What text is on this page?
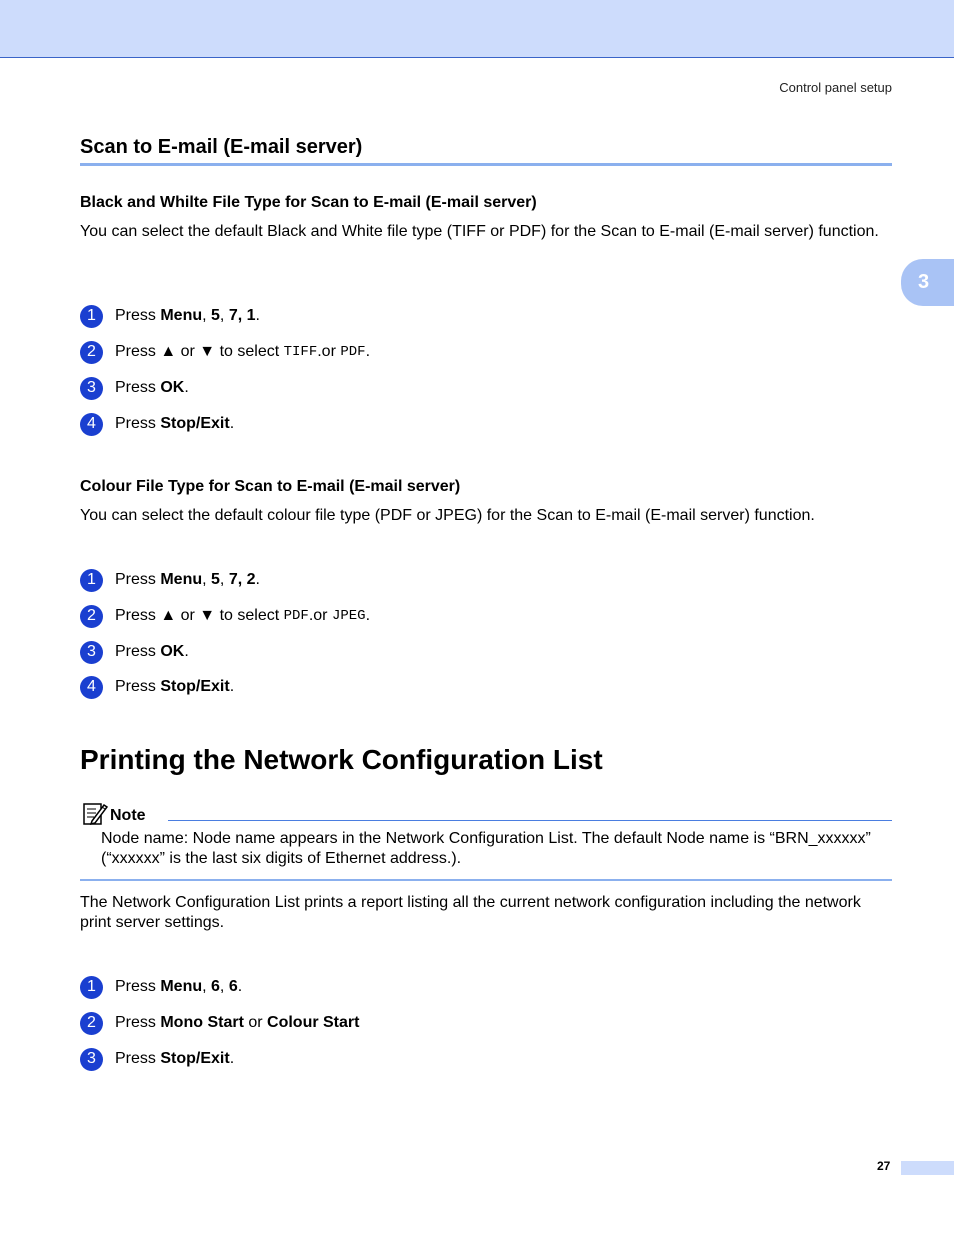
Control panel setup
3
Scan to E-mail (E-mail server)
Black and Whilte File Type for Scan to E-mail (E-mail server)
You can select the default Black and White file type (TIFF or PDF) for the Scan to E-mail (E-mail server) function.
1	Press Menu , 5 , 7, 1 .
2	Press ▲ or ▼ to select TIFF .or PDF .
3	Press OK .
4	Press Stop/Exit .
Colour File Type for Scan to E-mail (E-mail server)
You can select the default colour file type (PDF or JPEG) for the Scan to E-mail (E-mail server) function.
1	Press Menu , 5 , 7, 2 .
2	Press ▲ or ▼ to select PDF .or JPEG .
3	Press OK .
4	Press Stop/Exit .
Printing the Network Configuration List
Note
Node name: Node name appears in the Network Configuration List. The default Node name is “BRN_xxxxxx” (“xxxxxx” is the last six digits of Ethernet address.).
The Network Configuration List prints a report listing all the current network configuration including the network print server settings.
1	Press Menu , 6 , 6 .
2	Press Mono Start or Colour Start
3	Press Stop/Exit .
27
